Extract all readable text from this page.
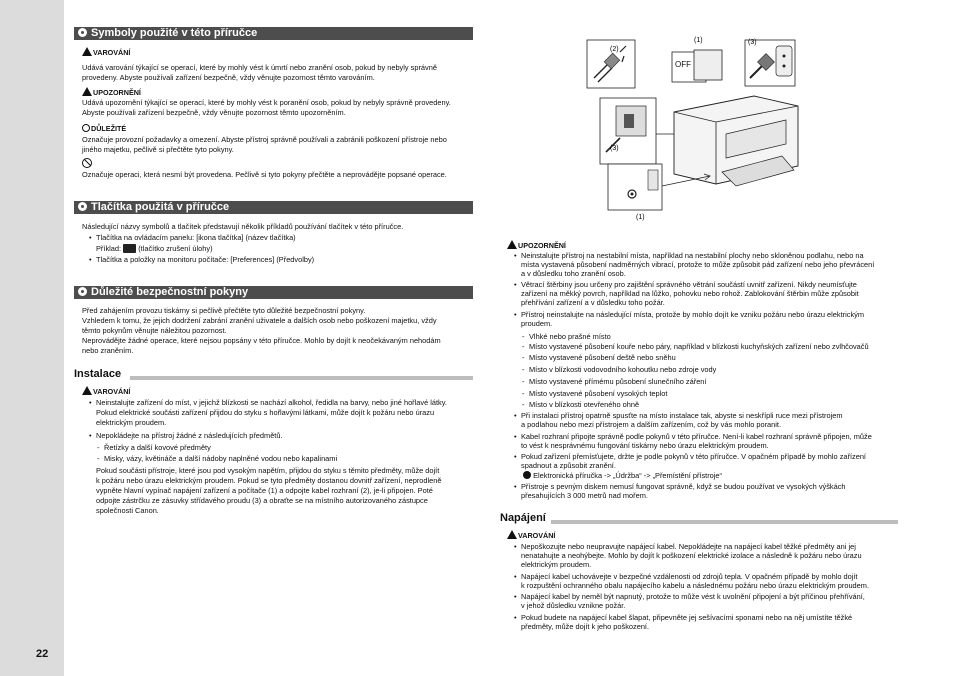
22
Symboly použité v této příručce
VAROVÁNÍ
Udává varování týkající se operací, které by mohly vést k úmrtí nebo zranění osob, pokud by nebyly správně
provedeny. Abyste používali zařízení bezpečně, vždy věnujte pozornost těmto varováním.
UPOZORNĚNÍ
Udává upozornění týkající se operací, které by mohly vést k poranění osob, pokud by nebyly správně provedeny.
Abyste používali zařízení bezpečně, vždy věnujte pozornost těmto upozorněním.
DŮLEŽITÉ
Označuje provozní požadavky a omezení. Abyste přístroj správně používali a zabránili poškození přístroje nebo
jiného majetku, pečlivě si přečtěte tyto pokyny.
Označuje operaci, která nesmí být provedena. Pečlivě si tyto pokyny přečtěte a neprovádějte popsané operace.
Tlačítka použitá v příručce
Následující názvy symbolů a tlačítek představují několik příkladů používání tlačítek v této příručce.
• Tlačítka na ovládacím panelu: [ikona tlačítka] (název tlačítka)
Příklad: (tlačítko zrušení úlohy)
• Tlačítka a položky na monitoru počítače: [Preferences] (Předvolby)
Důležité bezpečnostní pokyny
Před zahájením provozu tiskárny si pečlivě přečtěte tyto důležité bezpečnostní pokyny.
Vzhledem k tomu, že jejich dodržení zabrání zranění uživatele a dalších osob nebo poškození majetku, vždy
těmto pokynům věnujte náležitou pozornost.
Neprovádějte žádné operace, které nejsou popsány v této příručce. Mohlo by dojít k neočekávaným nehodám
nebo zraněním.
Instalace
VAROVÁNÍ
• Neinstalujte zařízení do míst, v jejichž blízkosti se nachází alkohol, ředidla na barvy, nebo jiné hořlavé látky.
Pokud elektrické součásti zařízení přijdou do styku s hořlavými látkami, může dojít k požáru nebo úrazu
elektrickým proudem.
• Nepokládejte na přístroj žádné z následujících předmětů.
- Řetízky a další kovové předměty
- Misky, vázy, květináče a další nádoby naplněné vodou nebo kapalinami
Pokud součásti přístroje, které jsou pod vysokým napětím, přijdou do styku s těmito předměty, může dojít
k požáru nebo úrazu elektrickým proudem. Pokud se tyto předměty dostanou dovnitř zařízení, neprodleně
vypněte hlavní vypínač napájení zařízení a počítače (1) a odpojte kabel rozhraní (2), je-li připojen. Poté
odpojte zástrčku ze zásuvky střídavého proudu (3) a obraťte se na místního autorizovaného zástupce
společnosti Canon.
OFF
(2)
(1)	(3)
(3)
(1)
UPOZORNĚNÍ
• Neinstalujte přístroj na nestabilní místa, například na nestabilní plochy nebo skloněnou podlahu, nebo na
místa vystavená působení nadměrných vibrací, protože to může způsobit pád zařízení nebo jeho převrácení
a v důsledku toho zranění osob.
• Větrací štěrbiny jsou určeny pro zajištění správného větrání součástí uvnitř zařízení. Nikdy neumísťujte
zařízení na měkký povrch, například na lůžko, pohovku nebo rohož. Zablokování štěrbin může způsobit
přehřívání zařízení a v důsledku toho požár.
• Přístroj neinstalujte na následující místa, protože by mohlo dojít ke vzniku požáru nebo úrazu elektrickým
proudem.
- Vlhké nebo prašné místo
- Místo vystavené působení kouře nebo páry, například v blízkosti kuchyňských zařízení nebo zvlhčovačů
- Místo vystavené působení deště nebo sněhu
- Místo v blízkosti vodovodního kohoutku nebo zdroje vody
- Místo vystavené přímému působení slunečního záření
- Místo vystavené působení vysokých teplot
- Místo v blízkosti otevřeného ohně
• Při instalaci přístroj opatrně spusťte na místo instalace tak, abyste si neskřípli ruce mezi přístrojem
a podlahou nebo mezi přístrojem a dalším zařízením, což by vás mohlo poranit.
• Kabel rozhraní připojte správně podle pokynů v této příručce. Není-li kabel rozhraní správně připojen, může
to vést k nesprávnému fungování tiskárny nebo úrazu elektrickým proudem.
• Pokud zařízení přemísťujete, držte je podle pokynů v této příručce. V opačném případě by mohlo zařízení
spadnout a způsobit zranění.
Elektronická příručka -> „Údržba“ -> „Přemístění přístroje“
• Přístroje s pevným diskem nemusí fungovat správně, když se budou používat ve vysokých výškách
přesahujících 3 000 metrů nad mořem.
Napájení
VAROVÁNÍ
• Nepoškozujte nebo neupravujte napájecí kabel. Nepokládejte na napájecí kabel těžké předměty ani jej
nenatahujte a neohýbejte. Mohlo by dojít k poškození elektrické izolace a následně k požáru nebo úrazu
elektrickým proudem.
• Napájecí kabel uchovávejte v bezpečné vzdálenosti od zdrojů tepla. V opačném případě by mohlo dojít
k rozpuštění ochranného obalu napájecího kabelu a následnému požáru nebo úrazu elektrickým proudem.
• Napájecí kabel by neměl být napnutý, protože to může vést k uvolnění připojení a být příčinou přehřívání,
v jehož důsledku vznikne požár.
• Pokud budete na napájecí kabel šlapat, připevněte jej sešívacími sponami nebo na něj umístíte těžké
předměty, může dojít k jeho poškození.
